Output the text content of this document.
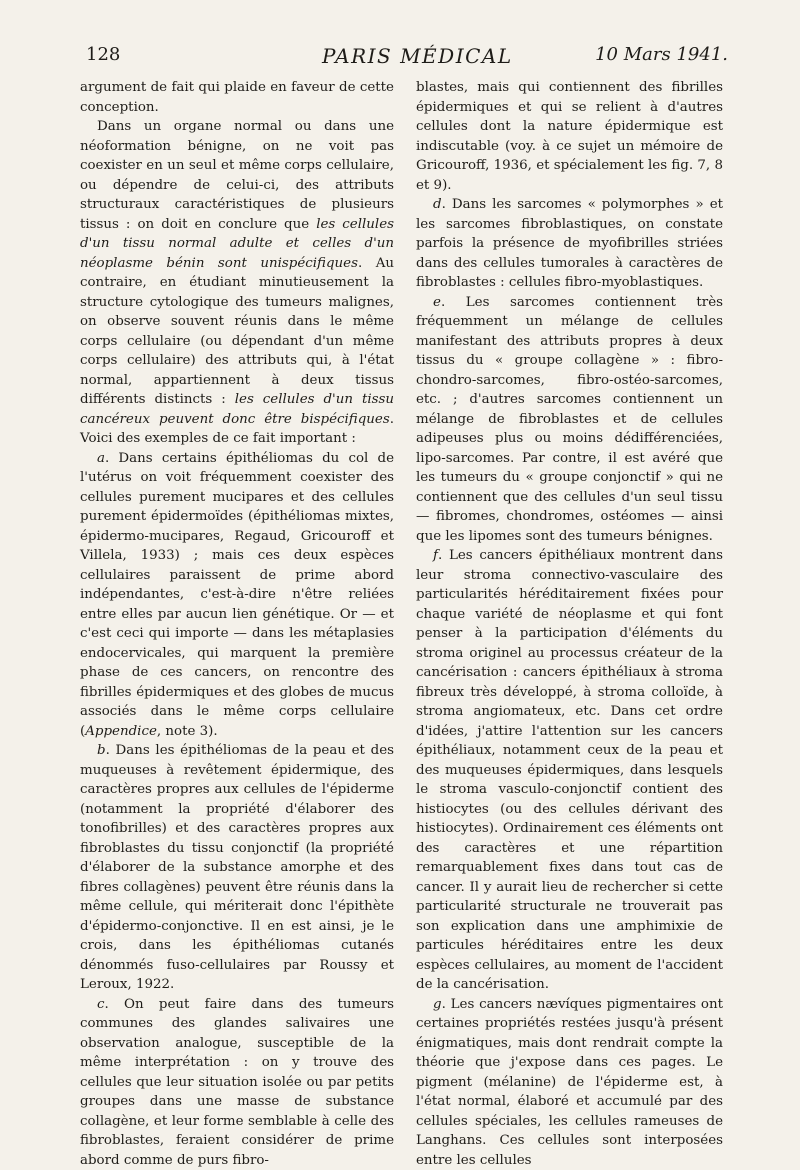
128	PARIS MÉDICAL	10 Mars 1941.

argument de fait qui plaide en faveur de cette conception.

Dans un organe normal ou dans une néoformation bénigne, on ne voit pas coexister en un seul et même corps cellulaire, ou dépendre de celui-ci, des attributs structuraux caractéristiques de plusieurs tissus : on doit en conclure que les cellules d'un tissu normal adulte et celles d'un néoplasme bénin sont unispécifiques. Au contraire, en étudiant minutieusement la structure cytologique des tumeurs malignes, on observe souvent réunis dans le même corps cellulaire (ou dépendant d'un même corps cellulaire) des attributs qui, à l'état normal, appartiennent à deux tissus différents distincts : les cellules d'un tissu cancéreux peuvent donc être bispécifiques. Voici des exemples de ce fait important :

a. Dans certains épithéliomas du col de l'utérus on voit fréquemment coexister des cellules purement mucipares et des cellules purement épidermoïdes (épithéliomas mixtes, épidermo-mucipares, Regaud, Gricouroff et Villela, 1933) ; mais ces deux espèces cellulaires paraissent de prime abord indépendantes, c'est-à-dire n'être reliées entre elles par aucun lien génétique. Or — et c'est ceci qui importe — dans les métaplasies endocervicales, qui marquent la première phase de ces cancers, on rencontre des fibrilles épidermiques et des globes de mucus associés dans le même corps cellulaire (Appendice, note 3).

b. Dans les épithéliomas de la peau et des muqueuses à revêtement épidermique, des caractères propres aux cellules de l'épiderme (notamment la propriété d'élaborer des tonofibrilles) et des caractères propres aux fibroblastes du tissu conjonctif (la propriété d'élaborer de la substance amorphe et des fibres collagènes) peuvent être réunis dans la même cellule, qui mériterait donc l'épithète d'épidermo-conjonctive. Il en est ainsi, je le crois, dans les épithéliomas cutanés dénommés fuso-cellulaires par Roussy et Leroux, 1922.

c. On peut faire dans des tumeurs communes des glandes salivaires une observation analogue, susceptible de la même interprétation : on y trouve des cellules que leur situation isolée ou par petits groupes dans une masse de substance collagène, et leur forme semblable à celle des fibroblastes, feraient considérer de prime abord comme de purs fibro-

blastes, mais qui contiennent des fibrilles épidermiques et qui se relient à d'autres cellules dont la nature épidermique est indiscutable (voy. à ce sujet un mémoire de Gricouroff, 1936, et spécialement les fig. 7, 8 et 9).

d. Dans les sarcomes « polymorphes » et les sarcomes fibroblastiques, on constate parfois la présence de myofibrilles striées dans des cellules tumorales à caractères de fibroblastes : cellules fibro-myoblastiques.

e. Les sarcomes contiennent très fréquemment un mélange de cellules manifestant des attributs propres à deux tissus du « groupe collagène » : fibro-chondro-sarcomes, fibro-ostéo-sarcomes, etc. ; d'autres sarcomes contiennent un mélange de fibroblastes et de cellules adipeuses plus ou moins dédifférenciées, lipo-sarcomes. Par contre, il est avéré que les tumeurs du « groupe conjonctif » qui ne contiennent que des cellules d'un seul tissu — fibromes, chondromes, ostéomes — ainsi que les lipomes sont des tumeurs bénignes.

f. Les cancers épithéliaux montrent dans leur stroma connectivo-vasculaire des particularités héréditairement fixées pour chaque variété de néoplasme et qui font penser à la participation d'éléments du stroma originel au processus créateur de la cancérisation : cancers épithéliaux à stroma fibreux très développé, à stroma colloïde, à stroma angiomateux, etc. Dans cet ordre d'idées, j'attire l'attention sur les cancers épithéliaux, notamment ceux de la peau et des muqueuses épidermiques, dans lesquels le stroma vasculo-conjonctif contient des histiocytes (ou des cellules dérivant des histiocytes). Ordinairement ces éléments ont des caractères et une répartition remarquablement fixes dans tout cas de cancer. Il y aurait lieu de rechercher si cette particularité structurale ne trouverait pas son explication dans une amphimixie de particules héréditaires entre les deux espèces cellulaires, au moment de l'accident de la cancérisation.

g. Les cancers nævíques pigmentaires ont certaines propriétés restées jusqu'à présent énigmatiques, mais dont rendrait compte la théorie que j'expose dans ces pages. Le pigment (mélanine) de l'épiderme est, à l'état normal, élaboré et accumulé par des cellules spéciales, les cellules rameuses de Langhans. Ces cellules sont interposées entre les cellules
